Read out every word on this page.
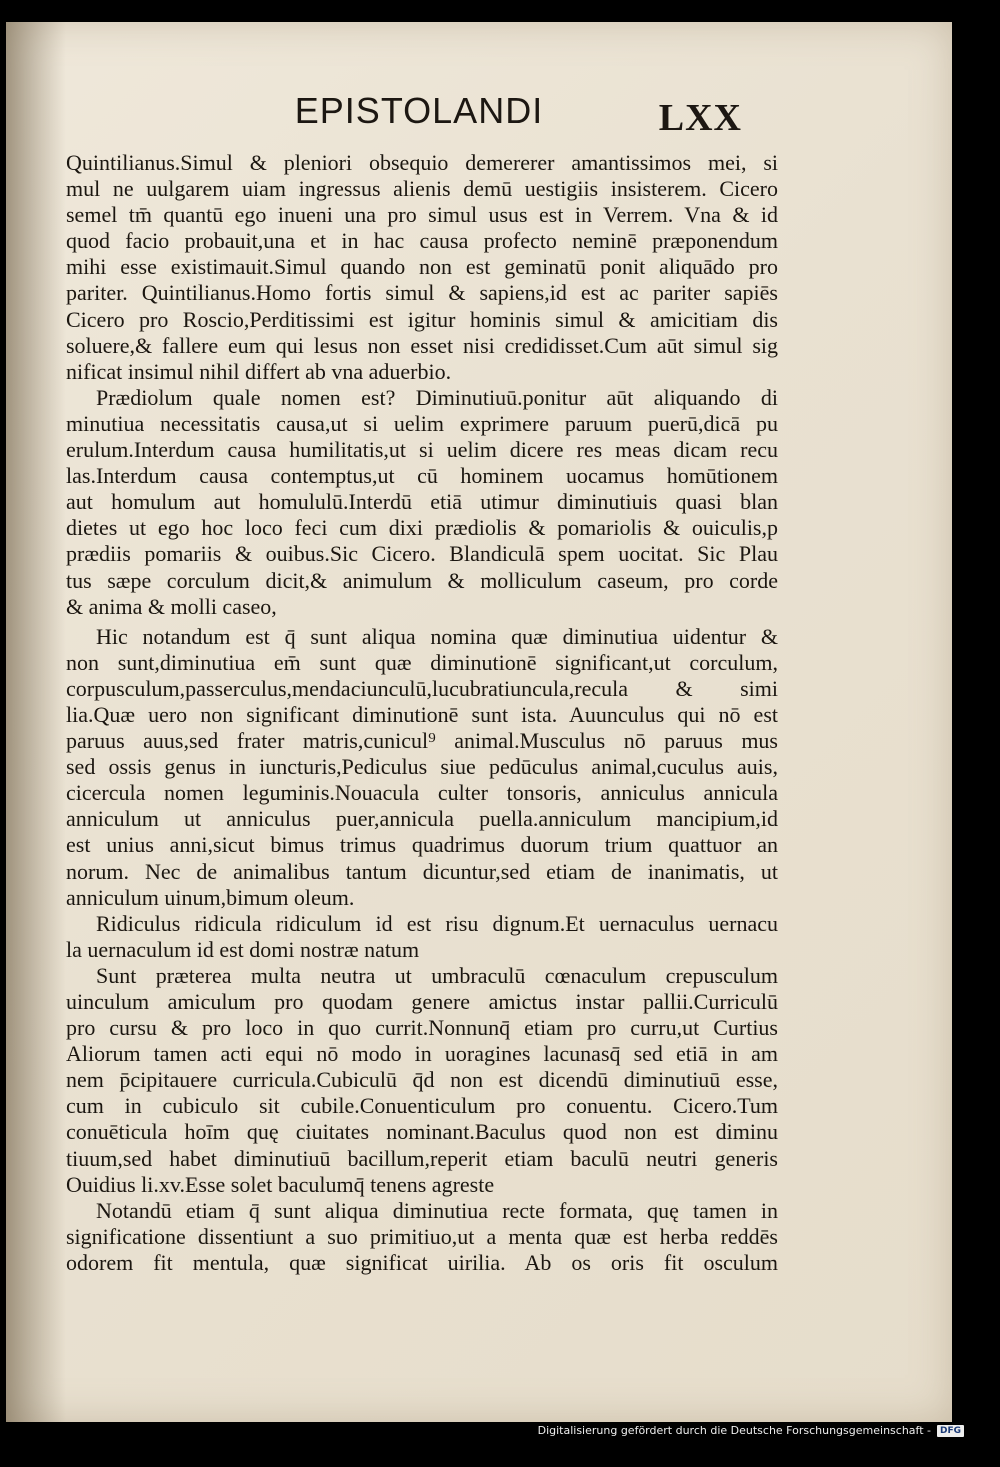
EPISTOLANDI	LXX
Quintilianus.Simul & pleniori obsequio demererer amantissimos mei, si
mul ne uulgarem uiam ingressus alienis demū uestigiis insisterem. Cicero
semel tm̄ quantū ego inueni una pro simul usus est in Verrem. Vna & id
quod facio probauit,una et in hac causa profecto neminē præponendum
mihi esse existimauit.Simul quando non est geminatū ponit aliquādo pro
pariter. Quintilianus.Homo fortis simul & sapiens,id est ac pariter sapiēs
Cicero pro Roscio,Perditissimi est igitur hominis simul & amicitiam dis
soluere,& fallere eum qui lesus non esset nisi credidisset.Cum aūt simul sig
nificat insimul nihil differt ab vna aduerbio.
Prædiolum quale nomen est? Diminutiuū.ponitur aūt aliquando di
minutiua necessitatis causa,ut si uelim exprimere paruum puerū,dicā pu
erulum.Interdum causa humilitatis,ut si uelim dicere res meas dicam recu
las.Interdum causa contemptus,ut cū hominem uocamus homūtionem
aut homulum aut homululū.Interdū etiā utimur diminutiuis quasi blan
dietes ut ego hoc loco feci cum dixi prædiolis & pomariolis & ouiculis,p
prædiis pomariis & ouibus.Sic Cicero. Blandiculā spem uocitat. Sic Plau
tus sæpe corculum dicit,& animulum & molliculum caseum, pro corde
& anima & molli caseo,
Hic notandum est q̄ sunt aliqua nomina quæ diminutiua uidentur &
non sunt,diminutiua em̄ sunt quæ diminutionē significant,ut corculum,
corpusculum,passerculus,mendaciunculū,lucubratiuncula,recula & simi
lia.Quæ uero non significant diminutionē sunt ista. Auunculus qui nō est
paruus auus,sed frater matris,cunicul⁹ animal.Musculus nō paruus mus
sed ossis genus in iuncturis,Pediculus siue pedūculus animal,cuculus auis,
cicercula nomen leguminis.Nouacula culter tonsoris, anniculus annicula
anniculum ut anniculus puer,annicula puella.anniculum mancipium,id
est unius anni,sicut bimus trimus quadrimus duorum trium quattuor an
norum. Nec de animalibus tantum dicuntur,sed etiam de inanimatis, ut
anniculum uinum,bimum oleum.
Ridiculus ridicula ridiculum id est risu dignum.Et uernaculus uernacu
la uernaculum id est domi nostræ natum
Sunt præterea multa neutra ut umbraculū cœnaculum crepusculum
uinculum amiculum pro quodam genere amictus instar pallii.Curriculū
pro cursu & pro loco in quo currit.Nonnunq̄ etiam pro curru,ut Curtius
Aliorum tamen acti equi nō modo in uoragines lacunasq̄ sed etiā in am
nem p̄cipitauere curricula.Cubiculū q̄d non est dicendū diminutiuū esse,
cum in cubiculo sit cubile.Conuenticulum pro conuentu. Cicero.Tum
conuēticula hoīm quę ciuitates nominant.Baculus quod non est diminu
tiuum,sed habet diminutiuū bacillum,reperit etiam baculū neutri generis
Ouidius li.xv.Esse solet baculumq̄ tenens agreste
Notandū etiam q̄ sunt aliqua diminutiua recte formata, quę tamen in
significatione dissentiunt a suo primitiuo,ut a menta quæ est herba reddēs
odorem fit mentula, quæ significat uirilia. Ab os oris fit osculum
Digitalisierung gefördert durch die Deutsche Forschungsgemeinschaft -	DFG
